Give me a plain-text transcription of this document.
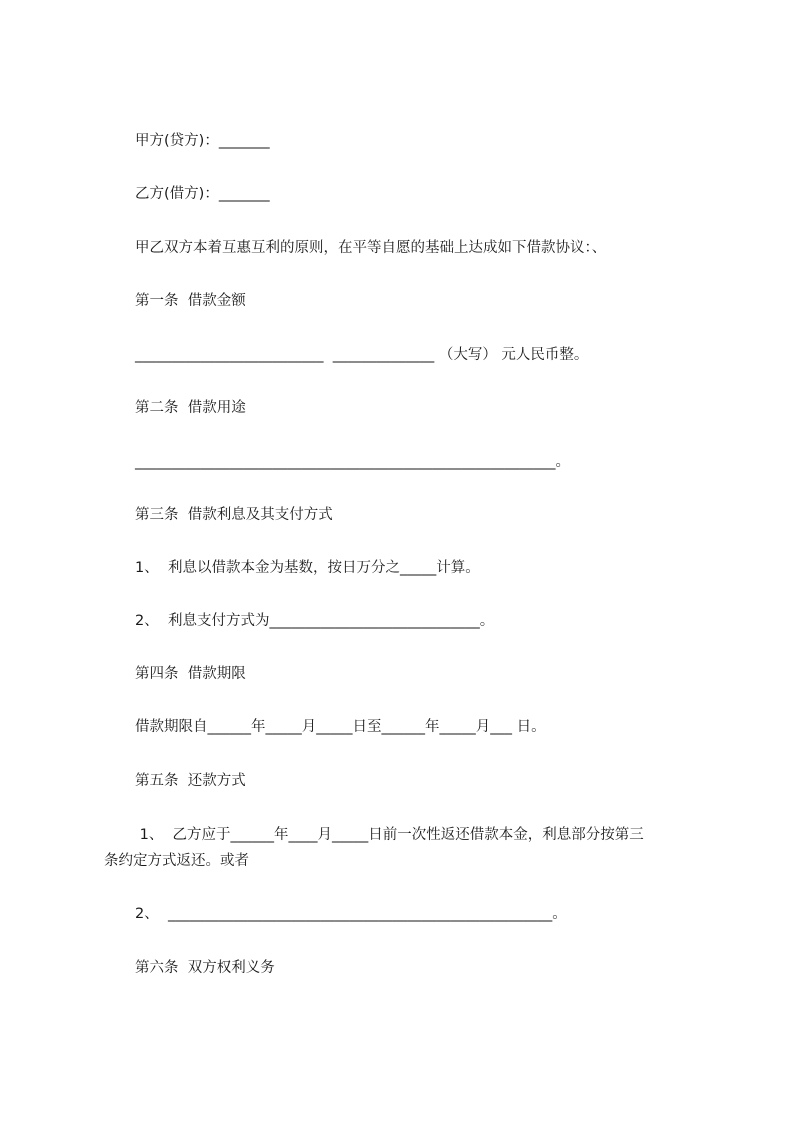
甲方(贷方)：_______
乙方(借方)：_______
甲乙双方本着互惠互利的原则，在平等自愿的基础上达成如下借款协议：、
第一条  借款金额
__________________________  ______________ （大写） 元人民币整。
第二条  借款用途
__________________________________________________________。
第三条  借款利息及其支付方式
1、  利息以借款本金为基数，按日万分之_____计算。
2、  利息支付方式为_____________________________。
第四条  借款期限
借款期限自______年_____月_____日至______年_____月___ 日。
第五条  还款方式
1、  乙方应于______年____月_____日前一次性返还借款本金，利息部分按第三
条约定方式返还。或者
2、  _____________________________________________________。
第六条  双方权利义务
